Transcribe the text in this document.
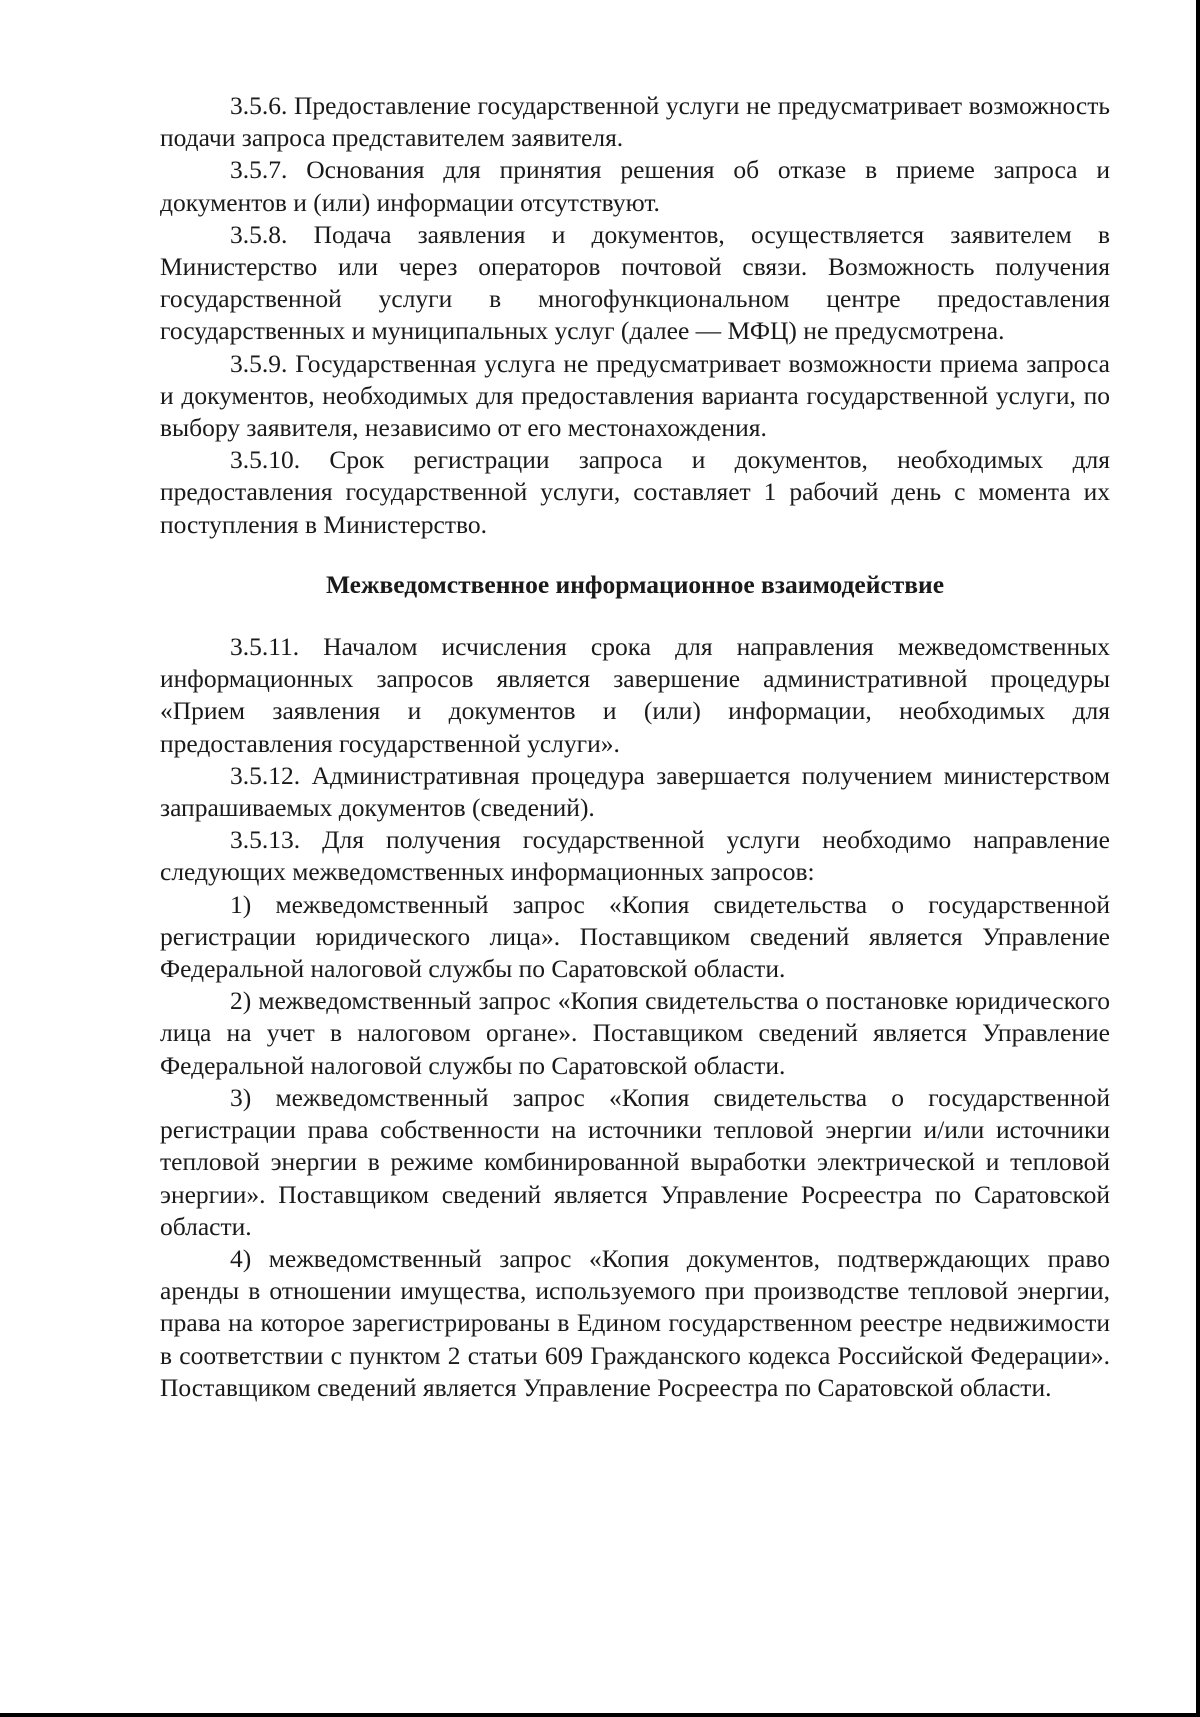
3.5.6. Предоставление государственной услуги не предусматривает возможность подачи запроса представителем заявителя.

3.5.7. Основания для принятия решения об отказе в приеме запроса и документов и (или) информации отсутствуют.

3.5.8. Подача заявления и документов, осуществляется заявителем в Министерство или через операторов почтовой связи. Возможность получения государственной услуги в многофункциональном центре предоставления государственных и муниципальных услуг (далее — МФЦ) не предусмотрена.

3.5.9. Государственная услуга не предусматривает возможности приема запроса и документов, необходимых для предоставления варианта государственной услуги, по выбору заявителя, независимо от его местонахождения.

3.5.10. Срок регистрации запроса и документов, необходимых для предоставления государственной услуги, составляет 1 рабочий день с момента их поступления в Министерство.

Межведомственное информационное взаимодействие

3.5.11. Началом исчисления срока для направления межведомственных информационных запросов является завершение административной процедуры «Прием заявления и документов и (или) информации, необходимых для предоставления государственной услуги».

3.5.12. Административная процедура завершается получением министерством запрашиваемых документов (сведений).

3.5.13. Для получения государственной услуги необходимо направление следующих межведомственных информационных запросов:

1) межведомственный запрос «Копия свидетельства о государственной регистрации юридического лица». Поставщиком сведений является Управление Федеральной налоговой службы по Саратовской области.

2) межведомственный запрос «Копия свидетельства о постановке юридического лица на учет в налоговом органе». Поставщиком сведений является Управление Федеральной налоговой службы по Саратовской области.

3) межведомственный запрос «Копия свидетельства о государственной регистрации права собственности на источники тепловой энергии и/или источники тепловой энергии в режиме комбинированной выработки электрической и тепловой энергии». Поставщиком сведений является Управление Росреестра по Саратовской области.

4) межведомственный запрос «Копия документов, подтверждающих право аренды в отношении имущества, используемого при производстве тепловой энергии, права на которое зарегистрированы в Едином государственном реестре недвижимости в соответствии с пунктом 2 статьи 609 Гражданского кодекса Российской Федерации». Поставщиком сведений является Управление Росреестра по Саратовской области.
